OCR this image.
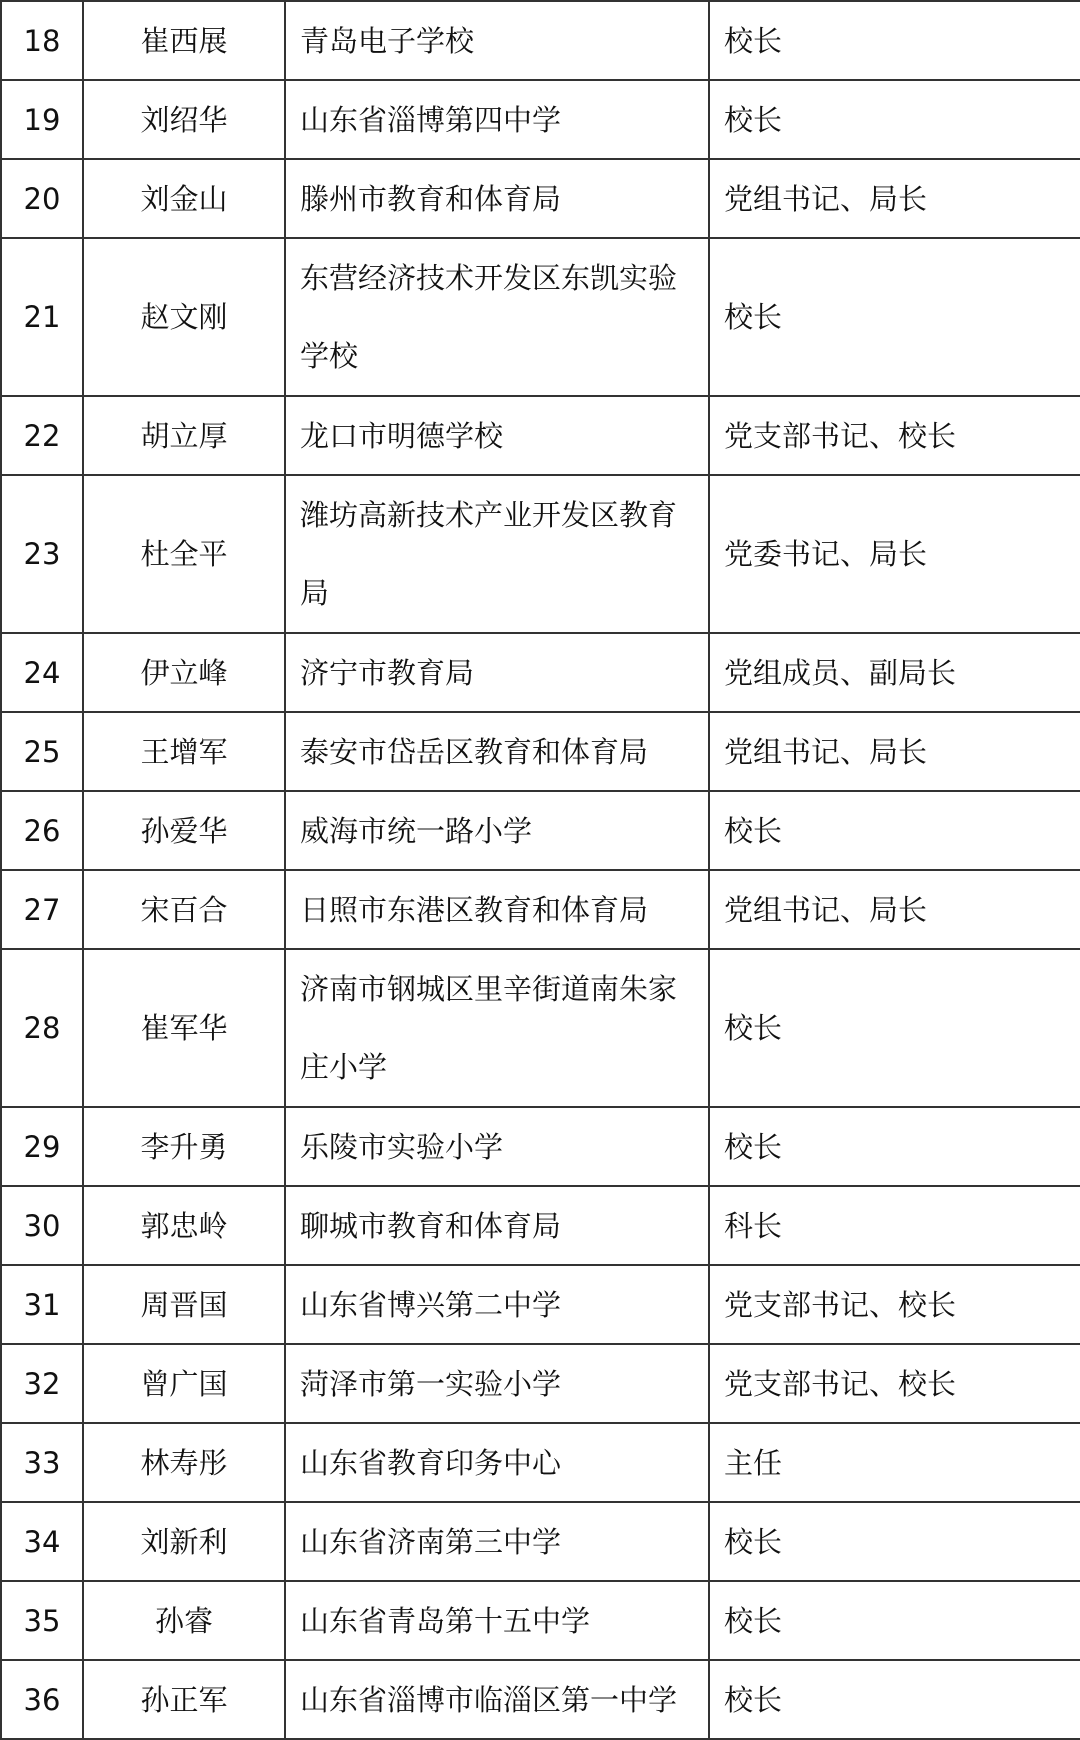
18	崔西展	青岛电子学校	校长
19	刘绍华	山东省淄博第四中学	校长
20	刘金山	滕州市教育和体育局	党组书记、局长
21	赵文刚	东营经济技术开发区东凯实验学校	校长
22	胡立厚	龙口市明德学校	党支部书记、校长
23	杜全平	潍坊高新技术产业开发区教育局	党委书记、局长
24	伊立峰	济宁市教育局	党组成员、副局长
25	王增军	泰安市岱岳区教育和体育局	党组书记、局长
26	孙爱华	威海市统一路小学	校长
27	宋百合	日照市东港区教育和体育局	党组书记、局长
28	崔军华	济南市钢城区里辛街道南朱家庄小学	校长
29	李升勇	乐陵市实验小学	校长
30	郭忠岭	聊城市教育和体育局	科长
31	周晋国	山东省博兴第二中学	党支部书记、校长
32	曾广国	菏泽市第一实验小学	党支部书记、校长
33	林寿彤	山东省教育印务中心	主任
34	刘新利	山东省济南第三中学	校长
35	孙睿	山东省青岛第十五中学	校长
36	孙正军	山东省淄博市临淄区第一中学	校长
